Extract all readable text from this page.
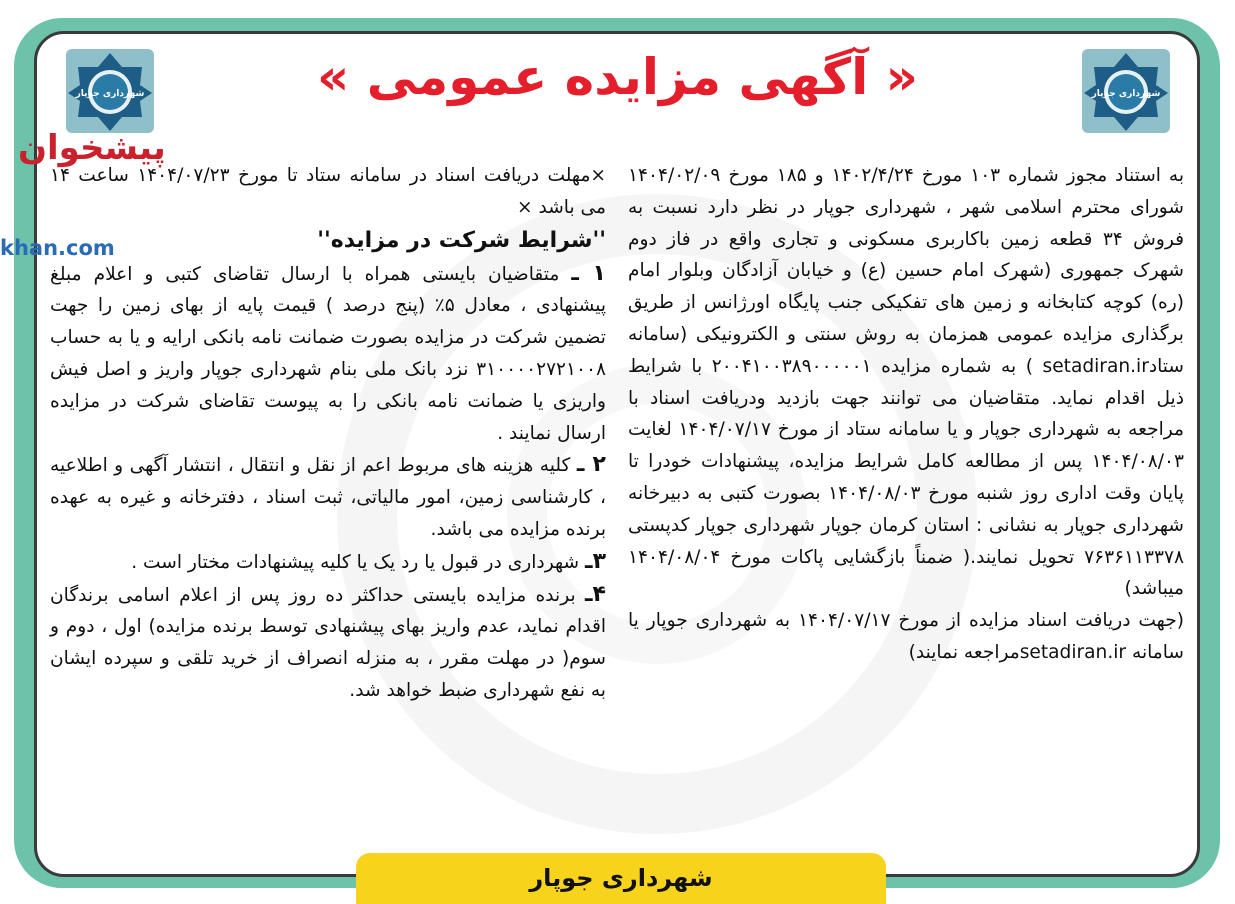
« آگهی مزایده عمومی »
شهرداری جوپار	شهرداری جوپار
پیشخوان
khan.com

به استناد مجوز شماره ۱۰۳ مورخ ۱۴۰۲/۴/۲۴ و ۱۸۵ مورخ ۱۴۰۴/۰۲/۰۹ شورای محترم اسلامی شهر ، شهرداری جوپار در نظر دارد نسبت به فروش ۳۴ قطعه زمین باکاربری مسکونی و تجاری واقع در فاز دوم شهرک جمهوری (شهرک امام حسین (ع) و خیابان آزادگان وبلوار امام (ره) کوچه کتابخانه و زمین های تفکیکی جنب پایگاه اورژانس از طریق برگذاری مزایده عمومی همزمان به روش سنتی و الکترونیکی (سامانه ستادsetadiran.ir ) به شماره مزایده ۲۰۰۴۱۰۰۳۸۹۰۰۰۰۰۱ با شرایط ذیل اقدام نماید. متقاضیان می توانند جهت بازدید ودریافت اسناد با مراجعه به شهرداری جوپار و یا سامانه ستاد از مورخ ۱۴۰۴/۰۷/۱۷ لغایت ۱۴۰۴/۰۸/۰۳ پس از مطالعه کامل شرایط مزایده، پیشنهادات خودرا تا پایان وقت اداری روز شنبه مورخ ۱۴۰۴/۰۸/۰۳ بصورت کتبی به دبیرخانه شهرداری جوپار به نشانی : استان کرمان جوپار شهرداری جوپار کدپستی ۷۶۳۶۱۱۳۳۷۸ تحویل نمایند.( ضمناً بازگشایی پاکات مورخ ۱۴۰۴/۰۸/۰۴ میباشد)

(جهت دریافت اسناد مزایده از مورخ ۱۴۰۴/۰۷/۱۷ به شهرداری جوپار یا سامانه setadiran.irمراجعه نمایند)

×مهلت دریافت اسناد در سامانه ستاد تا مورخ ۱۴۰۴/۰۷/۲۳ ساعت ۱۴ می باشد ×

''شرایط شرکت در مزایده''

۱ ـ متقاضیان بایستی همراه با ارسال تقاضای کتبی و اعلام مبلغ پیشنهادی ، معادل ۵٪ (پنج درصد ) قیمت پایه از بهای زمین را جهت تضمین شرکت در مزایده بصورت ضمانت نامه بانکی ارایه و یا به حساب ۳۱۰۰۰۰۲۷۲۱۰۰۸ نزد بانک ملی بنام شهرداری جوپار واریز و اصل فیش واریزی یا ضمانت نامه بانکی را به پیوست تقاضای شرکت در مزایده ارسال نمایند .

۲ ـ کلیه هزینه های مربوط اعم از نقل و انتقال ، انتشار آگهی و اطلاعیه ، کارشناسی زمین، امور مالیاتی، ثبت اسناد ، دفترخانه و غیره به عهده برنده مزایده می باشد.

۳ـ شهرداری در قبول یا رد یک یا کلیه پیشنهادات مختار است .

۴ـ برنده مزایده بایستی حداکثر ده روز پس از اعلام اسامی برندگان اقدام نماید، عدم واریز بهای پیشنهادی توسط برنده مزایده) اول ، دوم و سوم( در مهلت مقرر ، به منزله انصراف از خرید تلقی و سپرده ایشان به نفع شهرداری ضبط خواهد شد.

شهرداری جوپار
